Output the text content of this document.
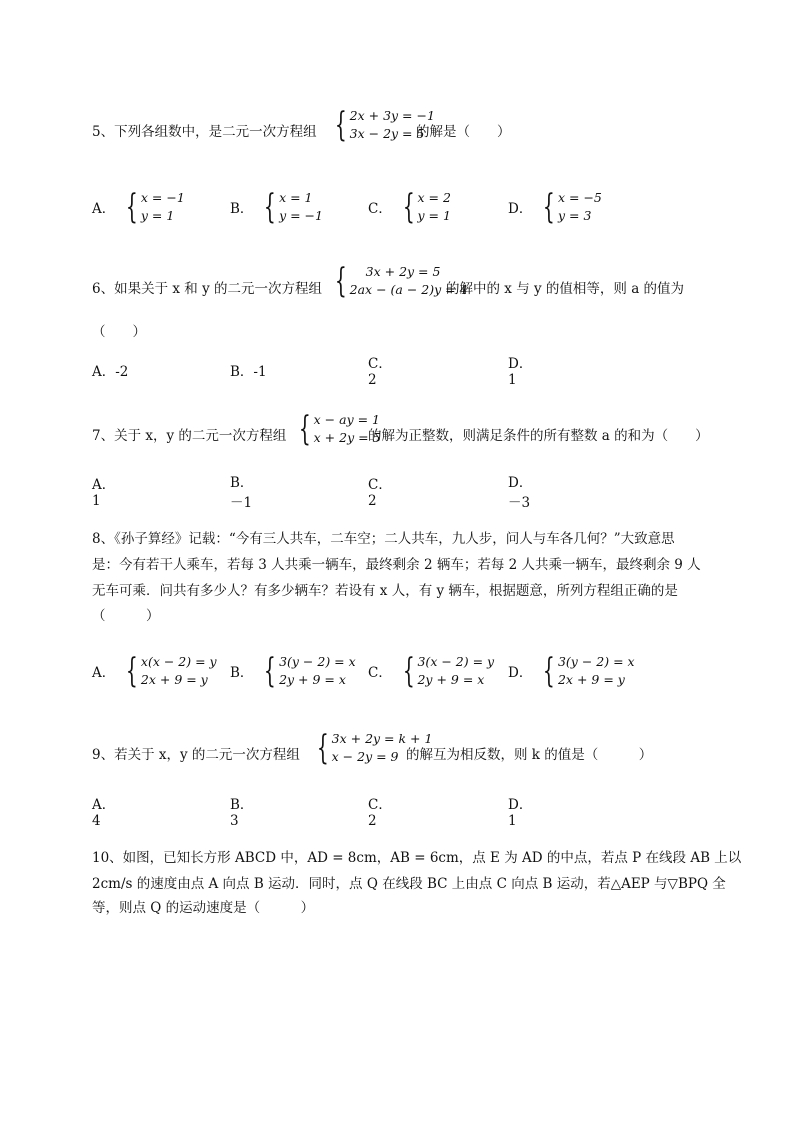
5、下列各组数中，是二元一次方程组 { 2x + 3y = −1
3x − 2y = 5
的解是（　　）
A． { x = −1
y = 1	B． { x = 1
y = −1	C． { x = 2
y = 1	D． { x = −5
y = 3
6、如果关于 x 和 y 的二元一次方程组 {	3x + 2y = 5
2ax − (a − 2)y = 4
的解中的 x 与 y 的值相等，则 a 的值为
（　　）
A．-2	B．-1	C．2
D．1
7、关于 x，y 的二元一次方程组 { x − ay = 1
x + 2y = 5
的解为正整数，则满足条件的所有整数 a 的和为（　　）
A．1
B．－1
C．2
D．－3
8、《孙子算经》记载：“今有三人共车，二车空；二人共车，九人步，问人与车各几何？”大致意思
是：今有若干人乘车，若每 3 人共乘一辆车，最终剩余 2 辆车；若每 2 人共乘一辆车，最终剩余 9 人
无车可乘．问共有多少人？有多少辆车？若设有 x 人，有 y 辆车，根据题意，所列方程组正确的是
（　　　）
A． { x(x − 2) = y
2x + 9 = y	B． { 3(y − 2) = x
2y + 9 = x	C． { 3(x − 2) = y
2y + 9 = x	D． { 3(y − 2) = x
2x + 9 = y
9、若关于 x，y 的二元一次方程组 { 3x + 2y = k + 1
x − 2y = 9 的解互为相反数，则 k 的值是（　　　）
A．4
B．3
C．2
D．1
10、如图，已知长方形 ABCD 中，AD = 8cm，AB = 6cm，点 E 为 AD 的中点，若点 P 在线段 AB 上以
2cm/s 的速度由点 A 向点 B 运动．同时，点 Q 在线段 BC 上由点 C 向点 B 运动，若△AEP 与▽BPQ 全
等，则点 Q 的运动速度是（　　　）
